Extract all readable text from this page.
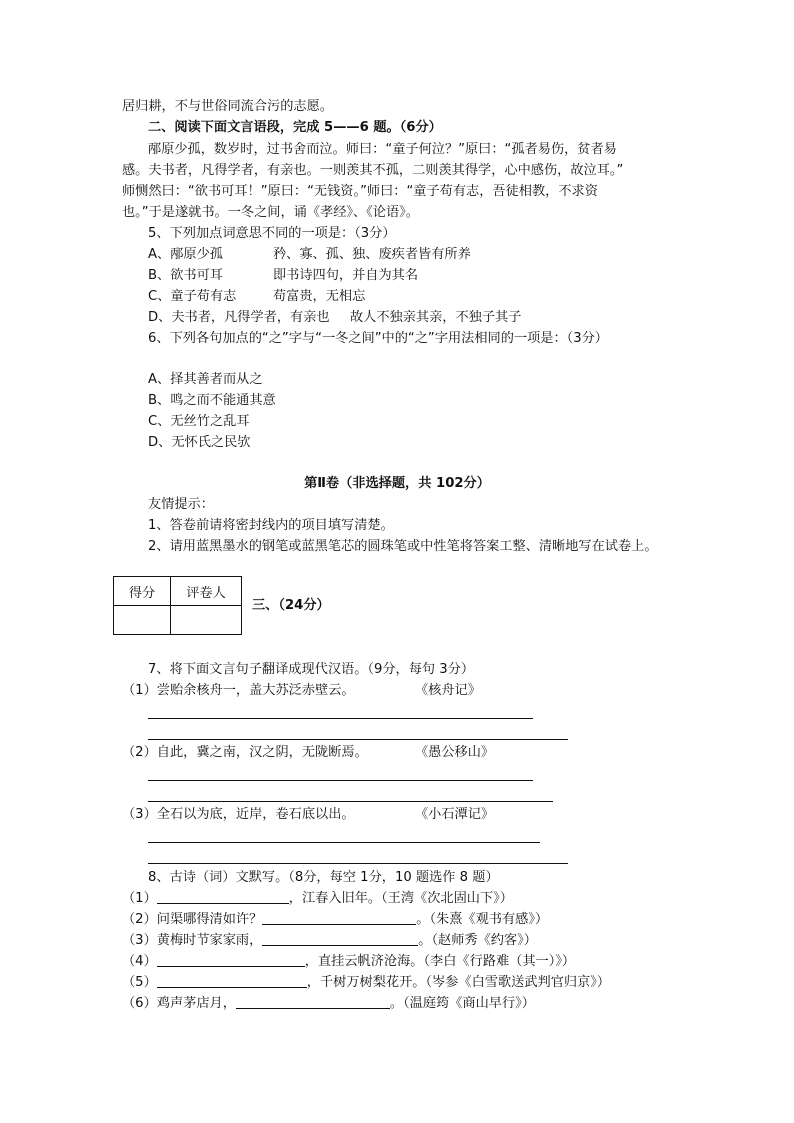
居归耕，不与世俗同流合污的志愿。
二、阅读下面文言语段，完成 5——6 题。（6分）
邴原少孤，数岁时，过书舍而泣。师曰：“童子何泣？”原曰：“孤者易伤，贫者易
感。夫书者，凡得学者，有亲也。一则羡其不孤，二则羡其得学，心中感伤，故泣耳。”
师恻然曰：“欲书可耳！”原曰：“无钱资。”师曰：“童子苟有志，吾徒相教，不求资
也。”于是遂就书。一冬之间，诵《孝经》、《论语》。
5、下列加点词意思不同的一项是：（3分）
A、邴原少孤	矜、寡、孤、独、废疾者皆有所养
B、欲书可耳	即书诗四句，并自为其名
C、童子苟有志	苟富贵，无相忘
D、夫书者，凡得学者，有亲也 故人不独亲其亲，不独子其子
6、下列各句加点的“之”字与“一冬之间”中的“之”字用法相同的一项是：（3分）
A、择其善者而从之
B、鸣之而不能通其意
C、无丝竹之乱耳
D、无怀氏之民欤
第Ⅱ卷（非选择题，共 102分）
友情提示：
1、答卷前请将密封线内的项目填写清楚。
2、请用蓝黑墨水的钢笔或蓝黑笔芯的圆珠笔或中性笔将答案工整、清晰地写在试卷上。
得分	评卷人

三、（24分）
7、将下面文言句子翻译成现代汉语。（9分，每句 3分）
（1）尝贻余核舟一，盖大苏泛赤壁云。	《核舟记》
（2）自此，冀之南，汉之阴，无陇断焉。	《愚公移山》
（3）全石以为底，近岸，卷石底以出。	《小石潭记》
8、古诗（词）文默写。（8分，每空 1分，10 题选作 8 题）
（1）	，江春入旧年。（王湾《次北固山下》）
（2）问渠哪得清如许？	。（朱熹《观书有感》）
（3）黄梅时节家家雨，	。（赵师秀《约客》）
（4）	，直挂云帆济沧海。（李白《行路难（其一）》）
（5）	，千树万树梨花开。（岑参《白雪歌送武判官归京》）
（6）鸡声茅店月，	。（温庭筠《商山早行》）
